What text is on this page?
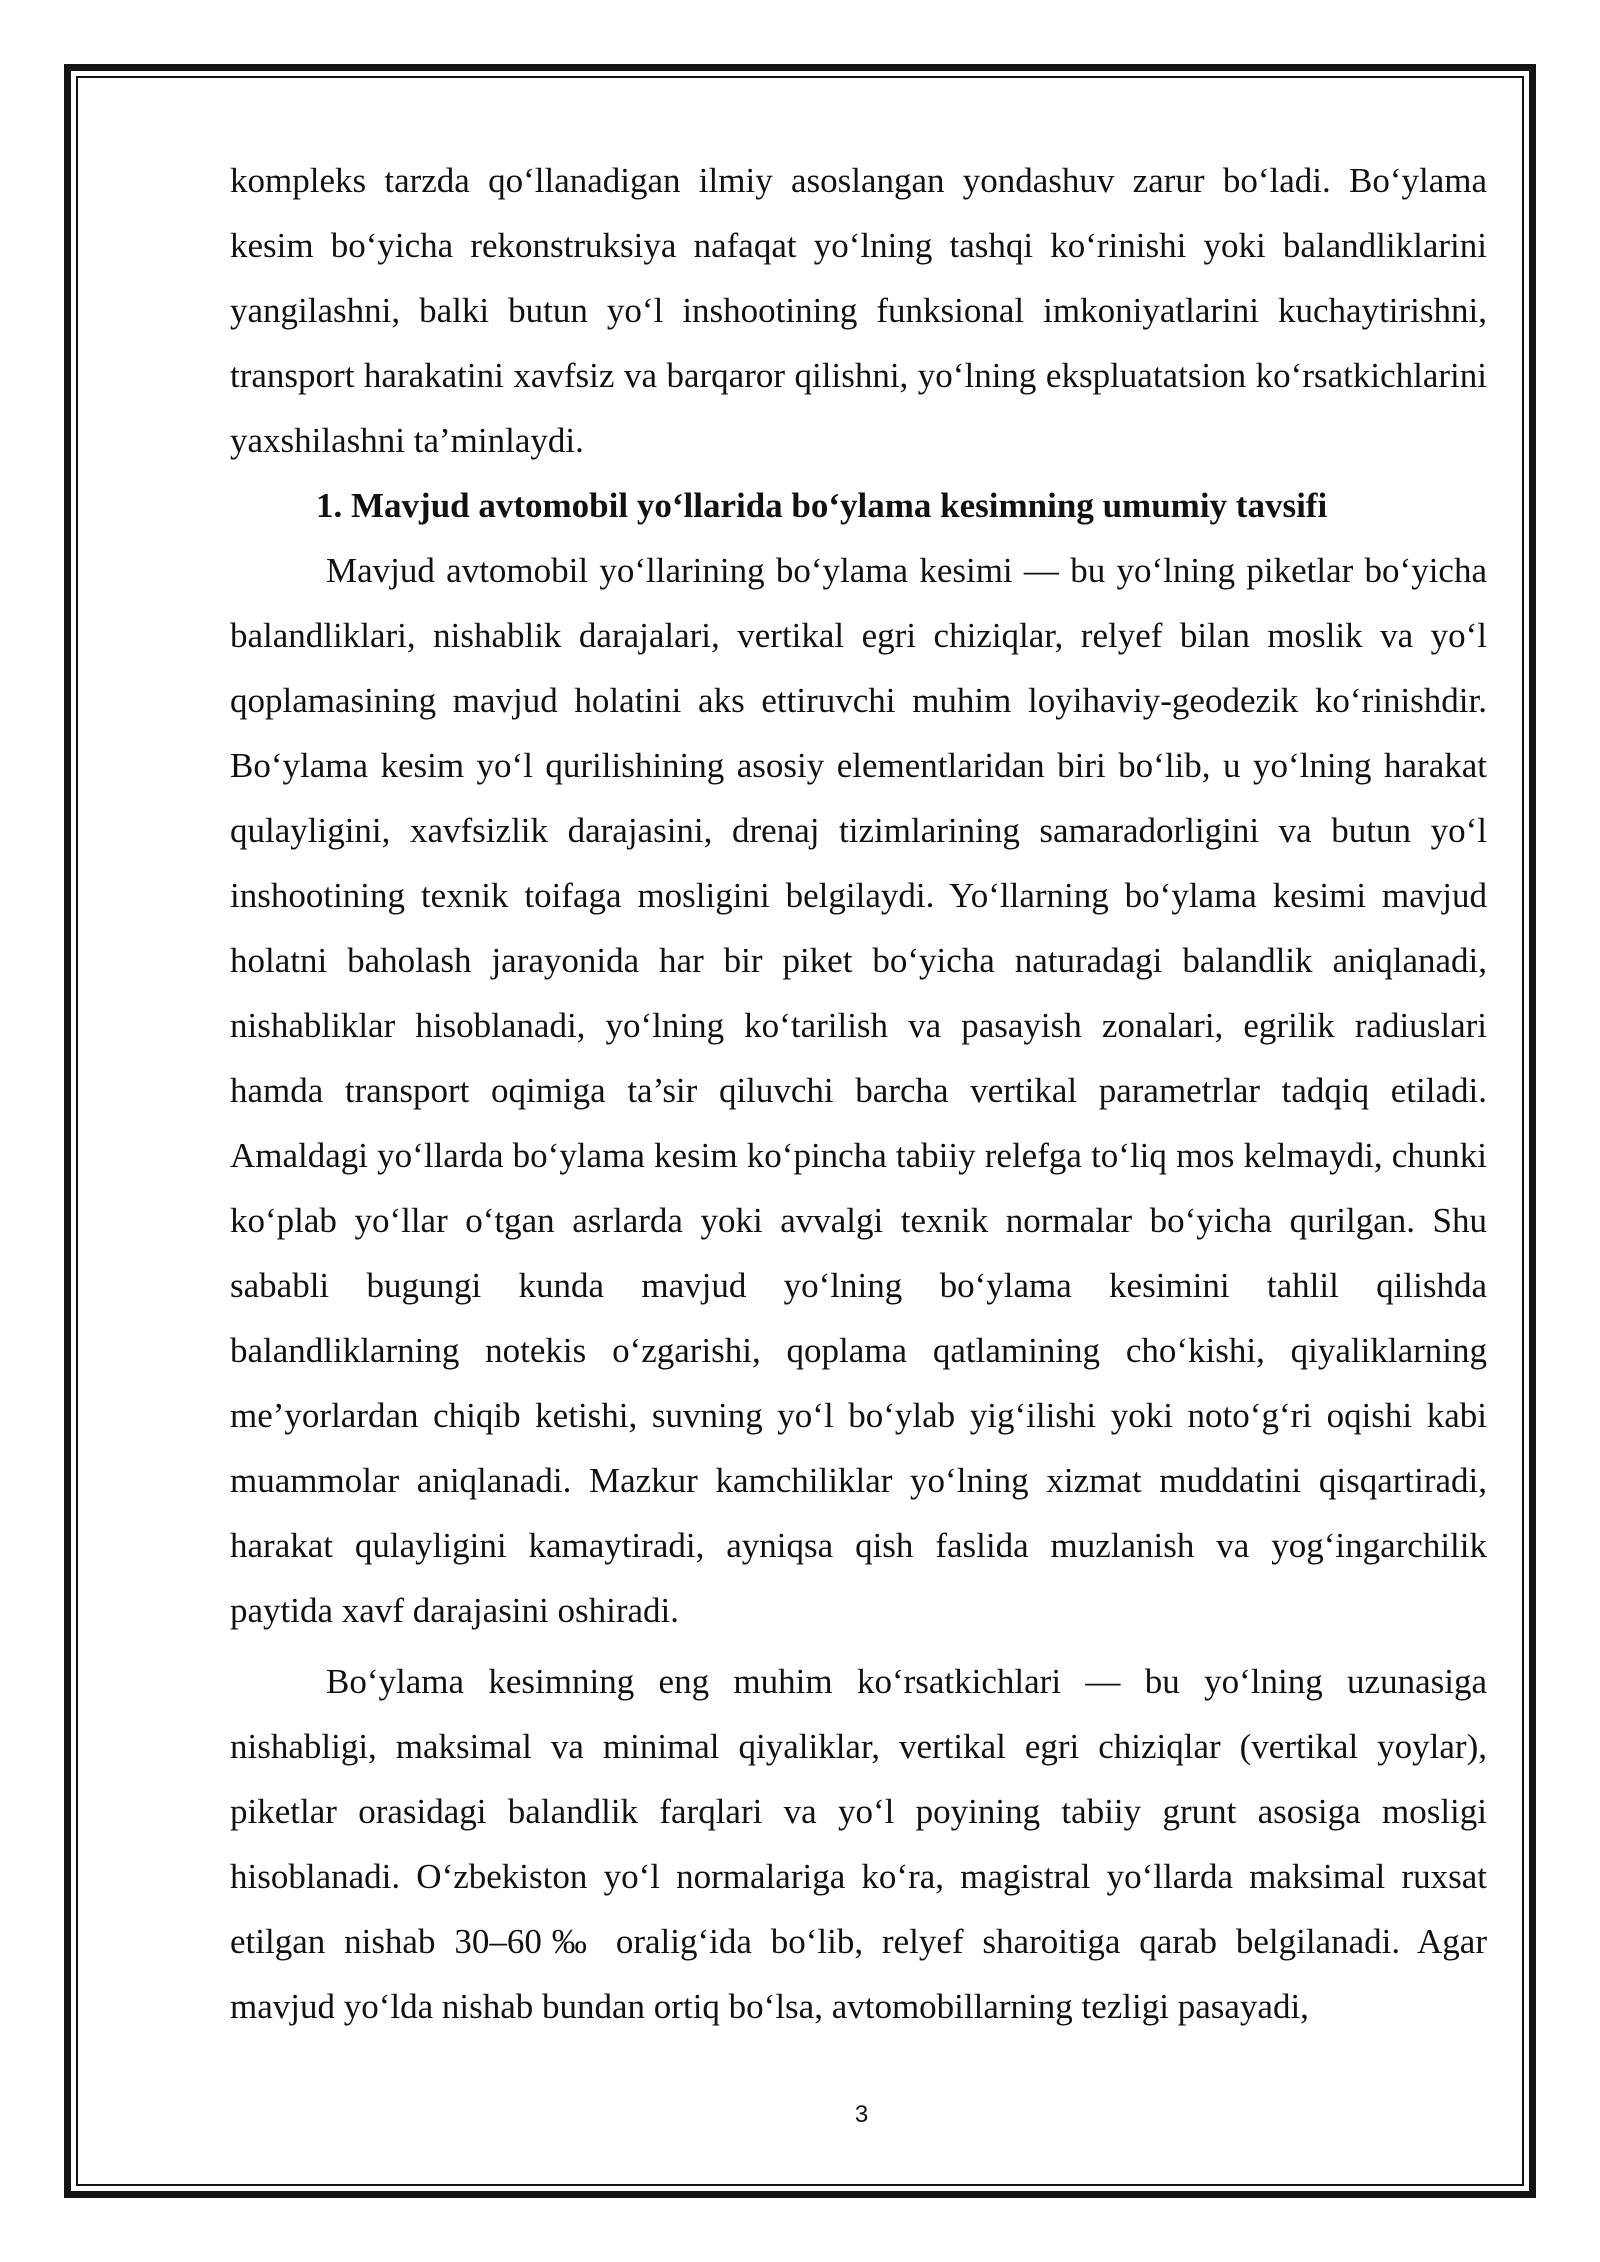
kompleks tarzda qo‘llanadigan ilmiy asoslangan yondashuv zarur bo‘ladi. Bo‘ylama kesim bo‘yicha rekonstruksiya nafaqat yo‘lning tashqi ko‘rinishi yoki balandliklarini yangilashni, balki butun yo‘l inshootining funksional imkoniyatlarini kuchaytirishni, transport harakatini xavfsiz va barqaror qilishni, yo‘lning ekspluatatsion ko‘rsatkichlarini yaxshilashni ta’minlaydi.

1. Mavjud avtomobil yo‘llarida bo‘ylama kesimning umumiy tavsifi

Mavjud avtomobil yo‘llarining bo‘ylama kesimi — bu yo‘lning piketlar bo‘yicha balandliklari, nishablik darajalari, vertikal egri chiziqlar, relyef bilan moslik va yo‘l qoplamasining mavjud holatini aks ettiruvchi muhim loyihaviy-geodezik ko‘rinishdir. Bo‘ylama kesim yo‘l qurilishining asosiy elementlaridan biri bo‘lib, u yo‘lning harakat qulayligini, xavfsizlik darajasini, drenaj tizimlarining samaradorligini va butun yo‘l inshootining texnik toifaga mosligini belgilaydi. Yo‘llarning bo‘ylama kesimi mavjud holatni baholash jarayonida har bir piket bo‘yicha naturadagi balandlik aniqlanadi, nishabliklar hisoblanadi, yo‘lning ko‘tarilish va pasayish zonalari, egrilik radiuslari hamda transport oqimiga ta’sir qiluvchi barcha vertikal parametrlar tadqiq etiladi. Amaldagi yo‘llarda bo‘ylama kesim ko‘pincha tabiiy relefga to‘liq mos kelmaydi, chunki ko‘plab yo‘llar o‘tgan asrlarda yoki avvalgi texnik normalar bo‘yicha qurilgan. Shu sababli bugungi kunda mavjud yo‘lning bo‘ylama kesimini tahlil qilishda balandliklarning notekis o‘zgarishi, qoplama qatlamining cho‘kishi, qiyaliklarning me’yorlardan chiqib ketishi, suvning yo‘l bo‘ylab yig‘ilishi yoki noto‘g‘ri oqishi kabi muammolar aniqlanadi. Mazkur kamchiliklar yo‘lning xizmat muddatini qisqartiradi, harakat qulayligini kamaytiradi, ayniqsa qish faslida muzlanish va yog‘ingarchilik paytida xavf darajasini oshiradi.

Bo‘ylama kesimning eng muhim ko‘rsatkichlari — bu yo‘lning uzunasiga nishabligi, maksimal va minimal qiyaliklar, vertikal egri chiziqlar (vertikal yoylar), piketlar orasidagi balandlik farqlari va yo‘l poyining tabiiy grunt asosiga mosligi hisoblanadi. O‘zbekiston yo‘l normalariga ko‘ra, magistral yo‘llarda maksimal ruxsat etilgan nishab 30–60‰ oralig‘ida bo‘lib, relyef sharoitiga qarab belgilanadi. Agar mavjud yo‘lda nishab bundan ortiq bo‘lsa, avtomobillarning tezligi pasayadi,

3
